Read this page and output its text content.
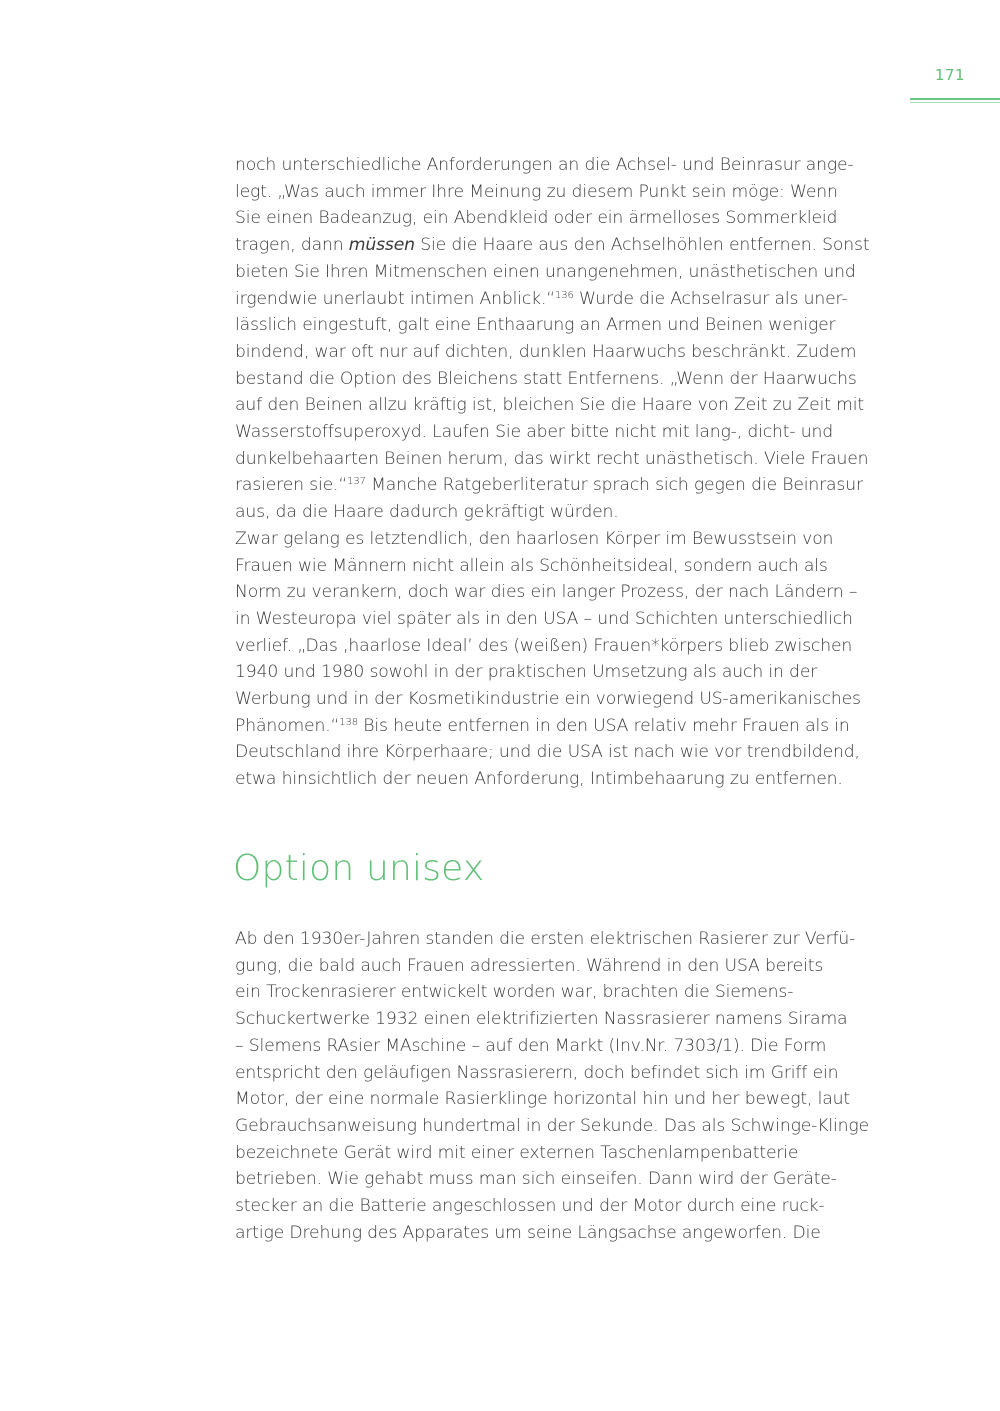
171
noch unterschiedliche Anforderungen an die Achsel- und Beinrasur ange-
legt. „Was auch immer Ihre Meinung zu diesem Punkt sein möge: Wenn
Sie einen Badeanzug, ein Abendkleid oder ein ärmelloses Sommerkleid
tragen, dann müssen Sie die Haare aus den Achselhöhlen entfernen. Sonst
bieten Sie Ihren Mitmenschen einen unangenehmen, unästhetischen und
irgendwie unerlaubt intimen Anblick.“$^{136}$ Wurde die Achselrasur als uner-
lässlich eingestuft, galt eine Enthaarung an Armen und Beinen weniger
bindend, war oft nur auf dichten, dunklen Haarwuchs beschränkt. Zudem
bestand die Option des Bleichens statt Entfernens. „Wenn der Haarwuchs
auf den Beinen allzu kräftig ist, bleichen Sie die Haare von Zeit zu Zeit mit
Wasserstoffsuperoxyd. Laufen Sie aber bitte nicht mit lang-, dicht- und
dunkelbehaarten Beinen herum, das wirkt recht unästhetisch. Viele Frauen
rasieren sie.“$^{137}$ Manche Ratgeberliteratur sprach sich gegen die Beinrasur
aus, da die Haare dadurch gekräftigt würden.
Zwar gelang es letztendlich, den haarlosen Körper im Bewusstsein von
Frauen wie Männern nicht allein als Schönheitsideal, sondern auch als
Norm zu verankern, doch war dies ein langer Prozess, der nach Ländern –
in Westeuropa viel später als in den USA – und Schichten unterschiedlich
verlief. „Das ‚haarlose Ideal’ des (weißen) Frauen*körpers blieb zwischen
1940 und 1980 sowohl in der praktischen Umsetzung als auch in der
Werbung und in der Kosmetikindustrie ein vorwiegend US-amerikanisches
Phänomen.“$^{138}$ Bis heute entfernen in den USA relativ mehr Frauen als in
Deutschland ihre Körperhaare; und die USA ist nach wie vor trendbildend,
etwa hinsichtlich der neuen Anforderung, Intimbehaarung zu entfernen.
Option unisex
Ab den 1930er-Jahren standen die ersten elektrischen Rasierer zur Verfü-
gung, die bald auch Frauen adressierten. Während in den USA bereits
ein Trockenrasierer entwickelt worden war, brachten die Siemens-
Schuckertwerke 1932 einen elektrifizierten Nassrasierer namens Sirama
– Slemens RAsier MAschine – auf den Markt (Inv.Nr. 7303/1). Die Form
entspricht den geläufigen Nassrasierern, doch befindet sich im Griff ein
Motor, der eine normale Rasierklinge horizontal hin und her bewegt, laut
Gebrauchsanweisung hundertmal in der Sekunde. Das als Schwinge-Klinge
bezeichnete Gerät wird mit einer externen Taschenlampenbatterie
betrieben. Wie gehabt muss man sich einseifen. Dann wird der Geräte-
stecker an die Batterie angeschlossen und der Motor durch eine ruck-
artige Drehung des Apparates um seine Längsachse angeworfen. Die
